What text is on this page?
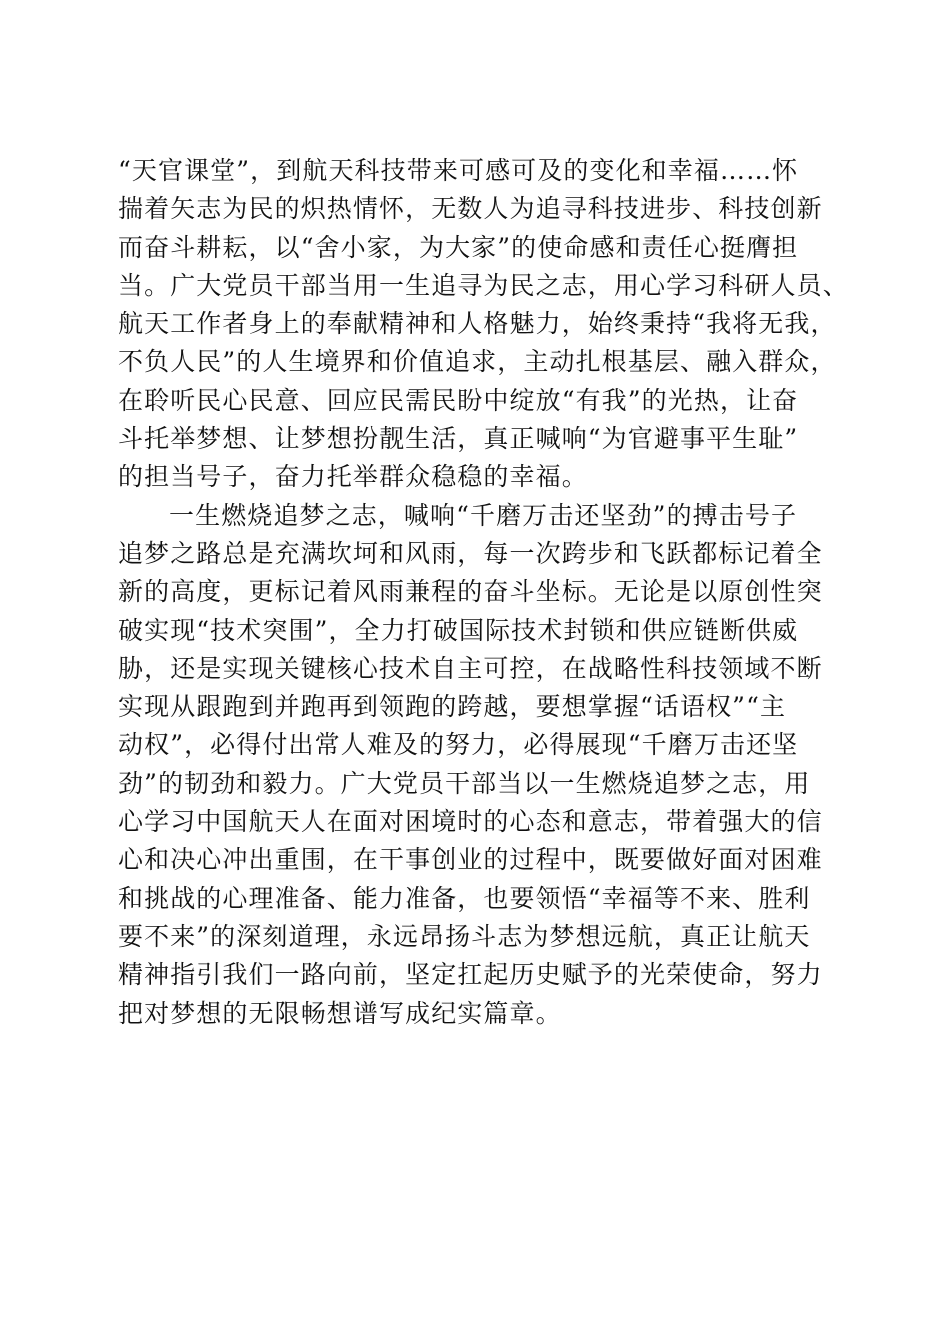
“天官课堂”，到航天科技带来可感可及的变化和幸福……怀
揣着矢志为民的炽热情怀，无数人为追寻科技进步、科技创新
而奋斗耕耘，以“舍小家，为大家”的使命感和责任心挺膺担
当。广大党员干部当用一生追寻为民之志，用心学习科研人员、
航天工作者身上的奉献精神和人格魅力，始终秉持“我将无我，
不负人民”的人生境界和价值追求，主动扎根基层、融入群众，
在聆听民心民意、回应民需民盼中绽放“有我”的光热，让奋
斗托举梦想、让梦想扮靓生活，真正喊响“为官避事平生耻”
的担当号子，奋力托举群众稳稳的幸福。
一生燃烧追梦之志，喊响“千磨万击还坚劲”的搏击号子
追梦之路总是充满坎坷和风雨，每一次跨步和飞跃都标记着全
新的高度，更标记着风雨兼程的奋斗坐标。无论是以原创性突
破实现“技术突围”，全力打破国际技术封锁和供应链断供威
胁，还是实现关键核心技术自主可控，在战略性科技领域不断
实现从跟跑到并跑再到领跑的跨越，要想掌握“话语权”“主
动权”，必得付出常人难及的努力，必得展现“千磨万击还坚
劲”的韧劲和毅力。广大党员干部当以一生燃烧追梦之志，用
心学习中国航天人在面对困境时的心态和意志，带着强大的信
心和决心冲出重围，在干事创业的过程中，既要做好面对困难
和挑战的心理准备、能力准备，也要领悟“幸福等不来、胜利
要不来”的深刻道理，永远昂扬斗志为梦想远航，真正让航天
精神指引我们一路向前，坚定扛起历史赋予的光荣使命，努力
把对梦想的无限畅想谱写成纪实篇章。
